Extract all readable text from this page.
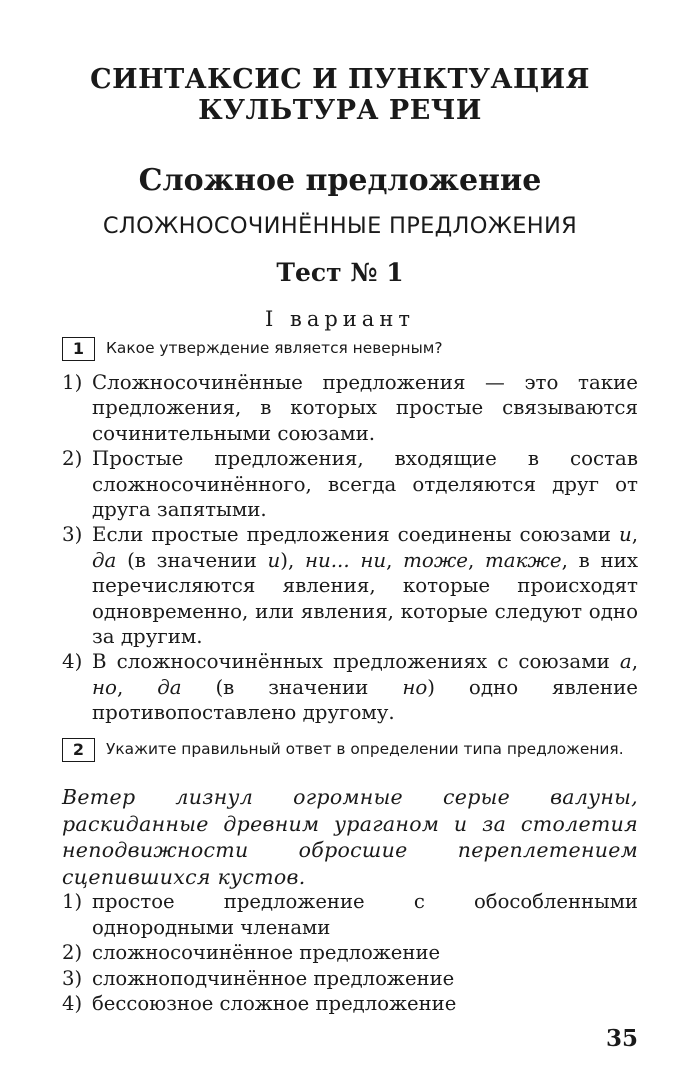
СИНТАКСИС И ПУНКТУАЦИЯ
КУЛЬТУРА РЕЧИ
Сложное предложение
СЛОЖНОСОЧИНЁННЫЕ ПРЕДЛОЖЕНИЯ
Тест № 1
I вариант
1	Какое утверждение является неверным?

1) Сложносочинённые предложения — это такие предложения, в которых простые связываются сочинительными союзами.
2) Простые предложения, входящие в состав сложносочинённого, всегда отделяются друг от друга запятыми.
3) Если простые предложения соединены союзами и, да (в значении и), ни... ни, тоже, также, в них перечисляются явления, которые происходят одновременно, или явления, которые следуют одно за другим.
4) В сложносочинённых предложениях с союзами а, но, да (в значении но) одно явление противопоставлено другому.
2	Укажите правильный ответ в определении типа предложения.

Ветер лизнул огромные серые валуны, раскиданные древним ураганом и за столетия неподвижности обросшие переплетением сцепившихся кустов.

1) простое предложение с обособленными однородными членами
2) сложносочинённое предложение
3) сложноподчинённое предложение
4) бессоюзное сложное предложение
35
